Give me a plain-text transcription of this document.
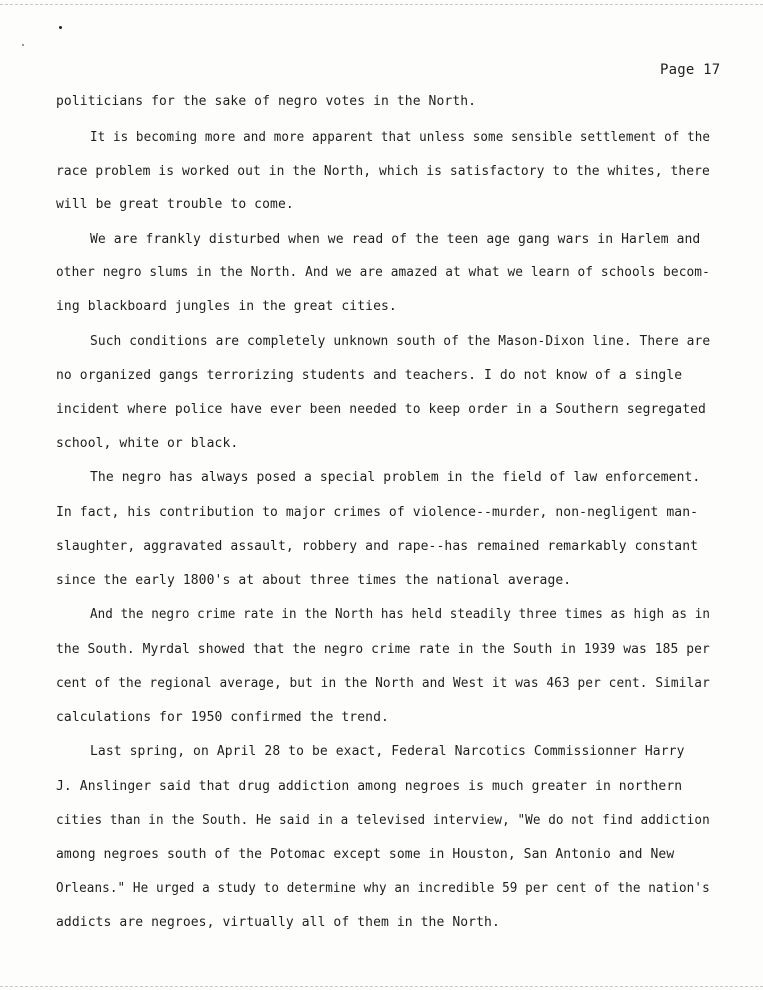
Page 17
politicians for the sake of negro votes in the North.
It is becoming more and more apparent that unless some sensible settlement of the
race problem is worked out in the North, which is satisfactory to the whites, there
will be great trouble to come.
We are frankly disturbed when we read of the teen age gang wars in Harlem and
other negro slums in the North. And we are amazed at what we learn of schools becom-
ing blackboard jungles in the great cities.
Such conditions are completely unknown south of the Mason-Dixon line. There are
no organized gangs terrorizing students and teachers. I do not know of a single
incident where police have ever been needed to keep order in a Southern segregated
school, white or black.
The negro has always posed a special problem in the field of law enforcement.
In fact, his contribution to major crimes of violence--murder, non-negligent man-
slaughter, aggravated assault, robbery and rape--has remained remarkably constant
since the early 1800's at about three times the national average.
And the negro crime rate in the North has held steadily three times as high as in
the South. Myrdal showed that the negro crime rate in the South in 1939 was 185 per
cent of the regional average, but in the North and West it was 463 per cent. Similar
calculations for 1950 confirmed the trend.
Last spring, on April 28 to be exact, Federal Narcotics Commissionner Harry
J. Anslinger said that drug addiction among negroes is much greater in northern
cities than in the South. He said in a televised interview, "We do not find addiction
among negroes south of the Potomac except some in Houston, San Antonio and New
Orleans." He urged a study to determine why an incredible 59 per cent of the nation's
addicts are negroes, virtually all of them in the North.
